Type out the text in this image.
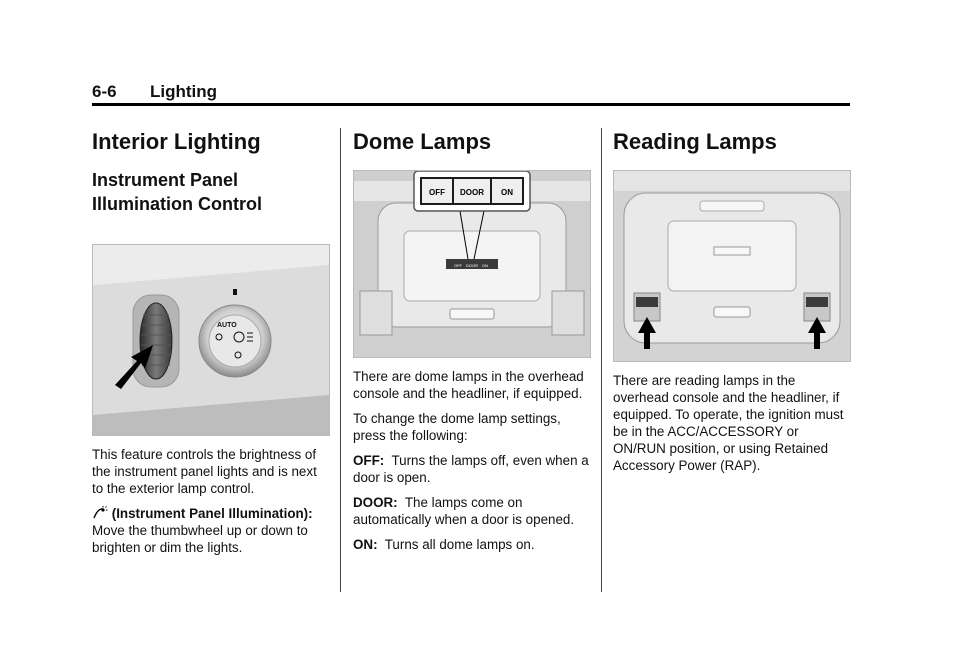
6-6 Lighting
Interior Lighting
Instrument Panel
Illumination Control
AUTO

This feature controls the brightness of the instrument panel lights and is next to the exterior lamp control.

(Instrument Panel Illumination): Move the thumbwheel up or down to brighten or dim the lights.

Dome Lamps
OFF DOOR ON
OFF DOOR ON

There are dome lamps in the overhead console and the headliner, if equipped.

To change the dome lamp settings, press the following:

OFF: Turns the lamps off, even when a door is open.

DOOR: The lamps come on automatically when a door is opened.

ON: Turns all dome lamps on.

Reading Lamps

There are reading lamps in the overhead console and the headliner, if equipped. To operate, the ignition must be in the ACC/ACCESSORY or ON/RUN position, or using Retained Accessory Power (RAP).
